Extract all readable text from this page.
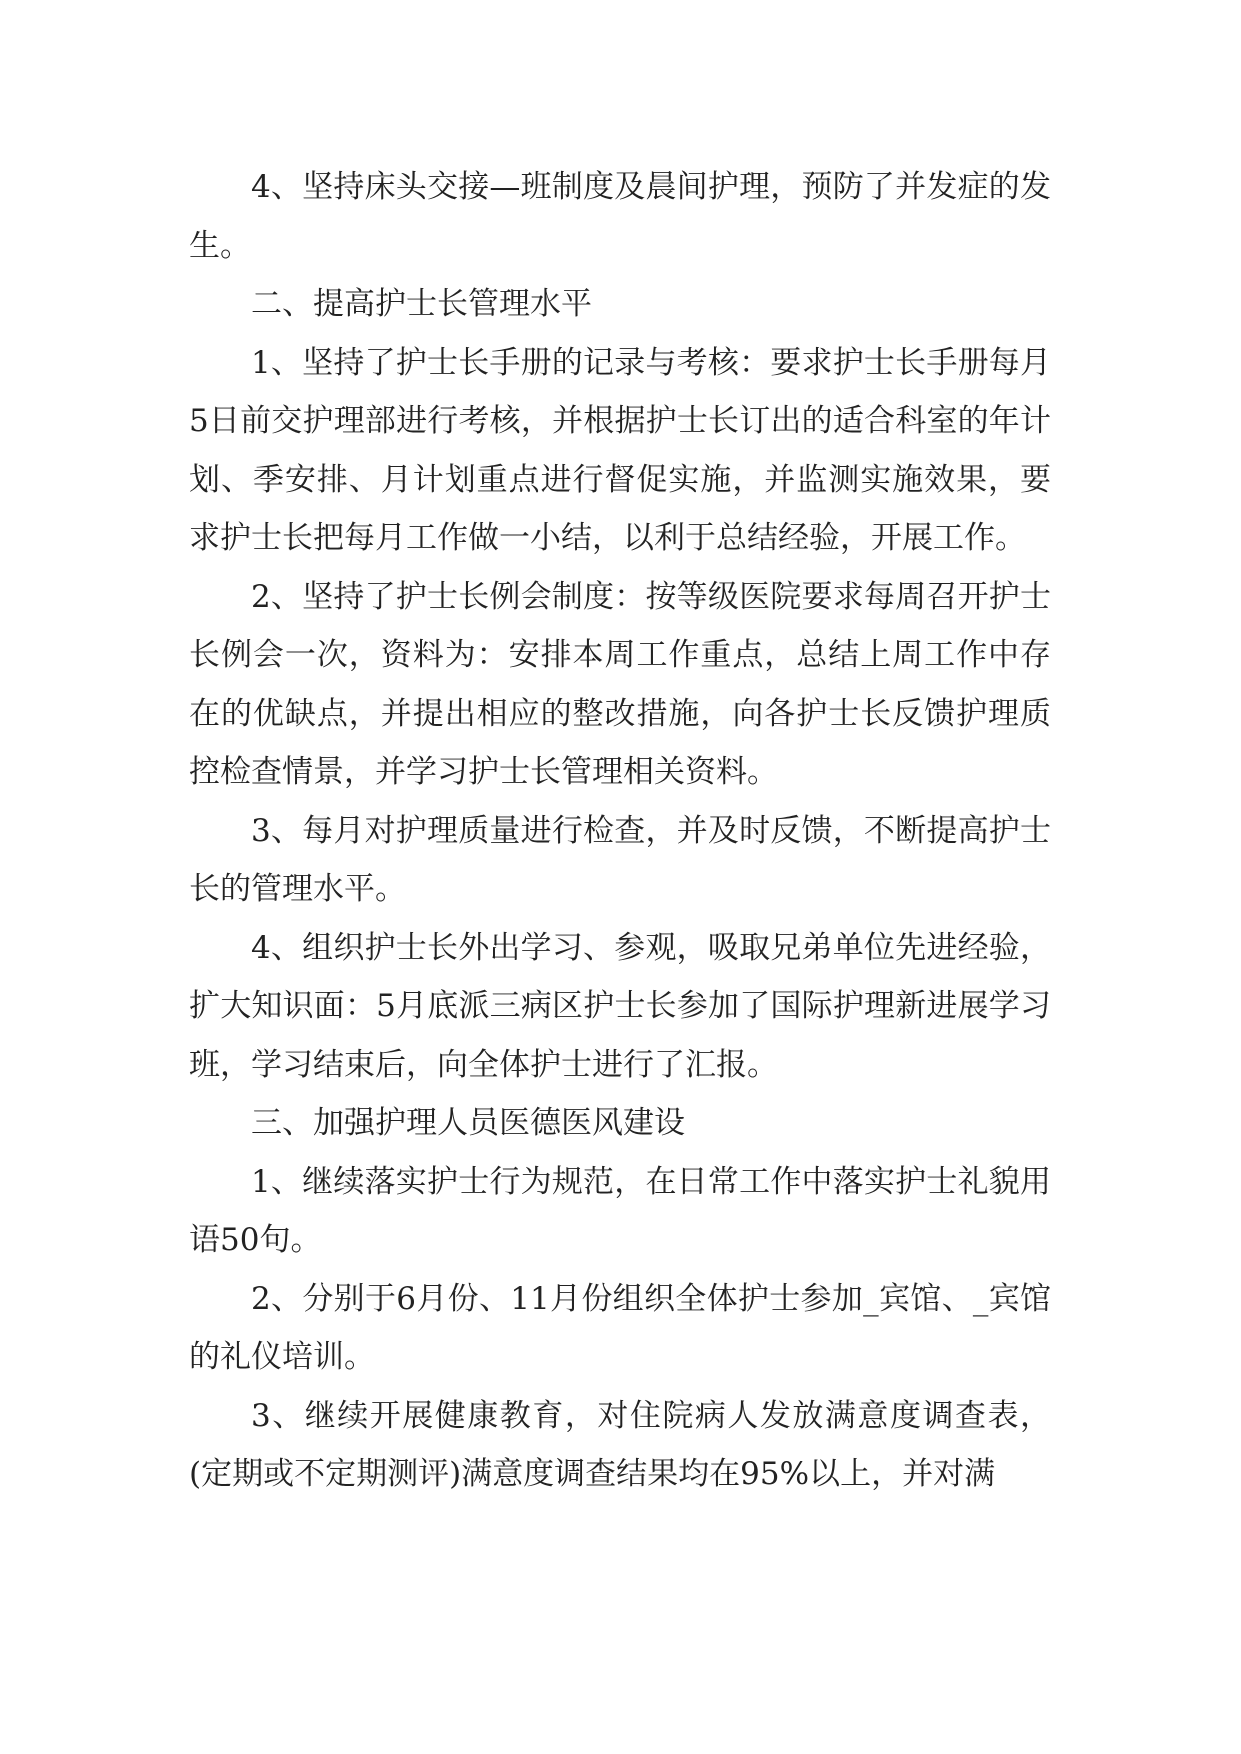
4、坚持床头交接—班制度及晨间护理，预防了并发症的发生。

二、提高护士长管理水平

1、坚持了护士长手册的记录与考核：要求护士长手册每月5日前交护理部进行考核，并根据护士长订出的适合科室的年计划、季安排、月计划重点进行督促实施，并监测实施效果，要求护士长把每月工作做一小结，以利于总结经验，开展工作。

2、坚持了护士长例会制度：按等级医院要求每周召开护士长例会一次，资料为：安排本周工作重点，总结上周工作中存在的优缺点，并提出相应的整改措施，向各护士长反馈护理质控检查情景，并学习护士长管理相关资料。

3、每月对护理质量进行检查，并及时反馈，不断提高护士长的管理水平。

4、组织护士长外出学习、参观，吸取兄弟单位先进经验，扩大知识面：5月底派三病区护士长参加了国际护理新进展学习班，学习结束后，向全体护士进行了汇报。

三、加强护理人员医德医风建设

1、继续落实护士行为规范，在日常工作中落实护士礼貌用语50句。

2、分别于6月份、11月份组织全体护士参加_宾馆、_宾馆的礼仪培训。

3、继续开展健康教育，对住院病人发放满意度调查表，(定期或不定期测评)满意度调查结果均在95%以上，并对满
